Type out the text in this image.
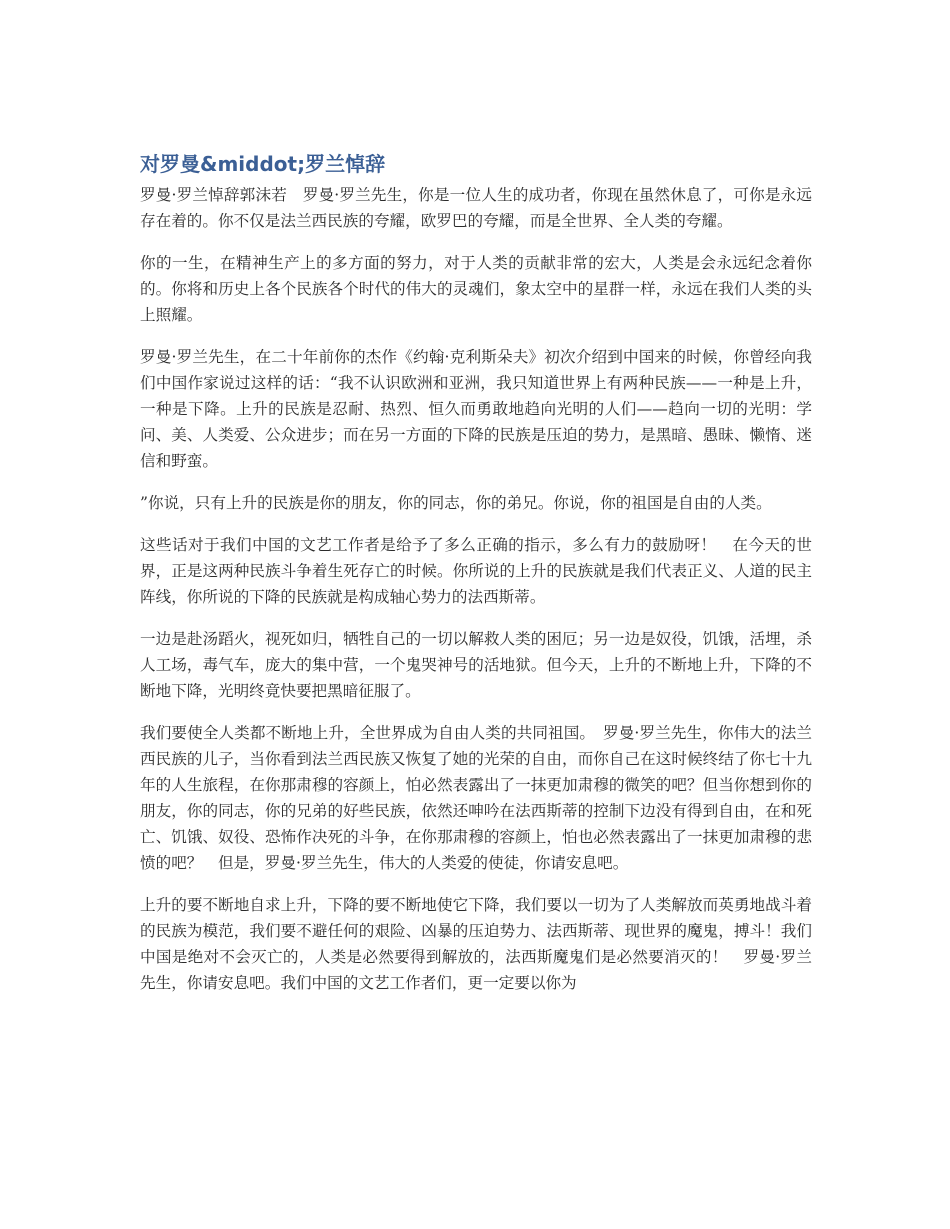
对罗曼&middot;罗兰悼辞

罗曼·罗兰悼辞郭沫若　罗曼·罗兰先生，你是一位人生的成功者，你现在虽然休息了，可你是永远存在着的。你不仅是法兰西民族的夸耀，欧罗巴的夸耀，而是全世界、全人类的夸耀。

你的一生，在精神生产上的多方面的努力，对于人类的贡献非常的宏大，人类是会永远纪念着你的。你将和历史上各个民族各个时代的伟大的灵魂们，象太空中的星群一样，永远在我们人类的头上照耀。

罗曼·罗兰先生，在二十年前你的杰作《约翰·克利斯朵夫》初次介绍到中国来的时候，你曾经向我们中国作家说过这样的话：“我不认识欧洲和亚洲，我只知道世界上有两种民族——一种是上升，一种是下降。上升的民族是忍耐、热烈、恒久而勇敢地趋向光明的人们——趋向一切的光明：学问、美、人类爱、公众进步；而在另一方面的下降的民族是压迫的势力，是黑暗、愚昧、懒惰、迷信和野蛮。

”你说，只有上升的民族是你的朋友，你的同志，你的弟兄。你说，你的祖国是自由的人类。

这些话对于我们中国的文艺工作者是给予了多么正确的指示，多么有力的鼓励呀！　在今天的世界，正是这两种民族斗争着生死存亡的时候。你所说的上升的民族就是我们代表正义、人道的民主阵线，你所说的下降的民族就是构成轴心势力的法西斯蒂。

一边是赴汤蹈火，视死如归，牺牲自己的一切以解救人类的困厄；另一边是奴役，饥饿，活埋，杀人工场，毒气车，庞大的集中营，一个鬼哭神号的活地狱。但今天，上升的不断地上升，下降的不断地下降，光明终竟快要把黑暗征服了。

我们要使全人类都不断地上升，全世界成为自由人类的共同祖国。　罗曼·罗兰先生，你伟大的法兰西民族的儿子，当你看到法兰西民族又恢复了她的光荣的自由，而你自己在这时候终结了你七十九年的人生旅程，在你那肃穆的容颜上，怕必然表露出了一抹更加肃穆的微笑的吧？但当你想到你的朋友，你的同志，你的兄弟的好些民族，依然还呻吟在法西斯蒂的控制下边没有得到自由，在和死亡、饥饿、奴役、恐怖作决死的斗争，在你那肃穆的容颜上，怕也必然表露出了一抹更加肃穆的悲愤的吧？　但是，罗曼·罗兰先生，伟大的人类爱的使徒，你请安息吧。

上升的要不断地自求上升，下降的要不断地使它下降，我们要以一切为了人类解放而英勇地战斗着的民族为模范，我们要不避任何的艰险、凶暴的压迫势力、法西斯蒂、现世界的魔鬼，搏斗！我们中国是绝对不会灭亡的，人类是必然要得到解放的，法西斯魔鬼们是必然要消灭的！　罗曼·罗兰先生，你请安息吧。我们中国的文艺工作者们，更一定要以你为
